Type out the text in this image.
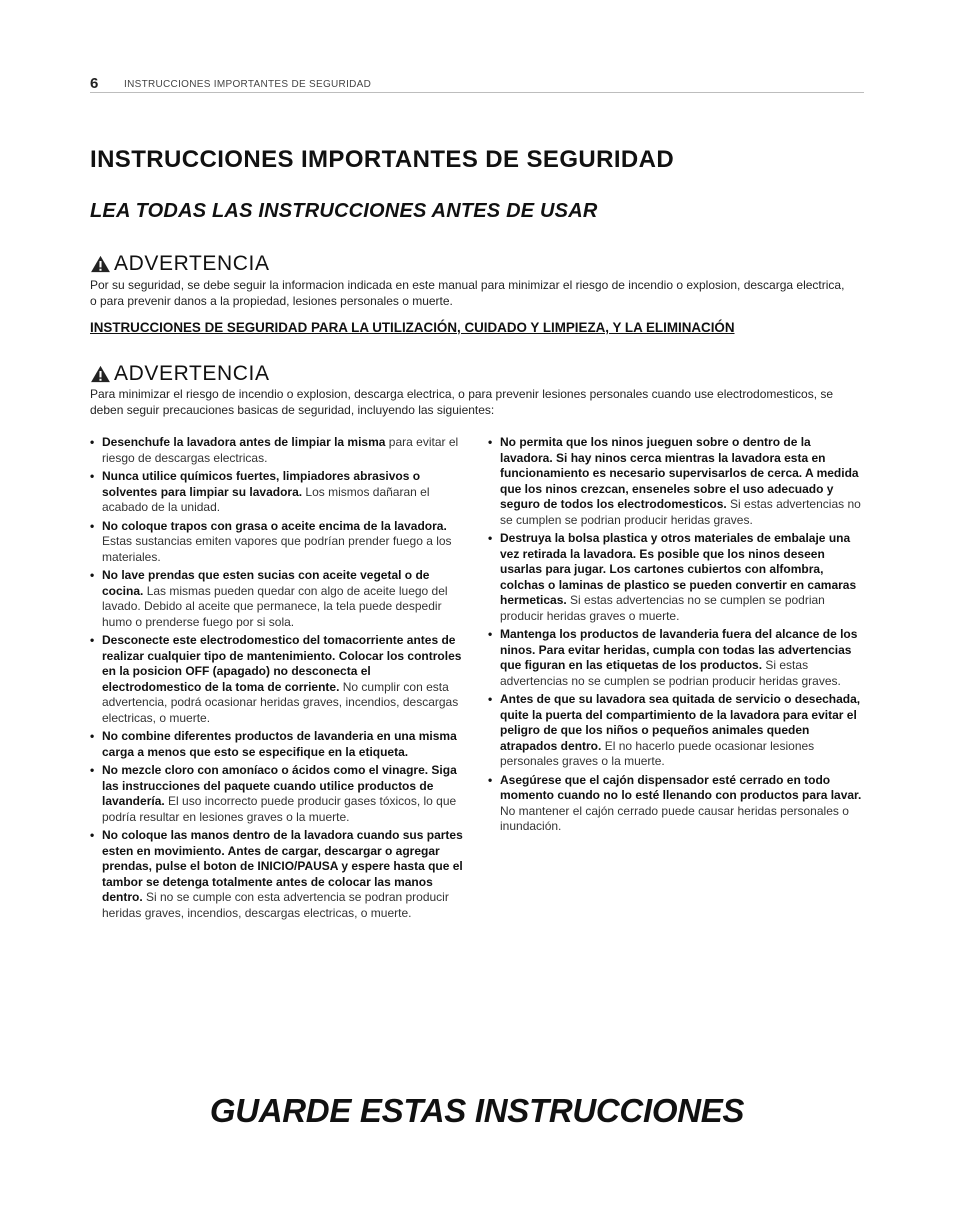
6	INSTRUCCIONES IMPORTANTES DE SEGURIDAD
INSTRUCCIONES IMPORTANTES DE SEGURIDAD
LEA TODAS LAS INSTRUCCIONES ANTES DE USAR
ADVERTENCIA

Por su seguridad, se debe seguir la informacion indicada en este manual para minimizar el riesgo de incendio o explosion, descarga electrica, o para prevenir danos a la propiedad, lesiones personales o muerte.

INSTRUCCIONES DE SEGURIDAD PARA LA UTILIZACIÓN, CUIDADO Y LIMPIEZA, Y LA ELIMINACIÓN

ADVERTENCIA

Para minimizar el riesgo de incendio o explosion, descarga electrica, o para prevenir lesiones personales cuando use electrodomesticos, se deben seguir precauciones basicas de seguridad, incluyendo las siguientes:

• Desenchufe la lavadora antes de limpiar la misma para evitar el riesgo de descargas electricas.
• Nunca utilice químicos fuertes, limpiadores abrasivos o solventes para limpiar su lavadora. Los mismos dañaran el acabado de la unidad.
• No coloque trapos con grasa o aceite encima de la lavadora. Estas sustancias emiten vapores que podrían prender fuego a los materiales.
• No lave prendas que esten sucias con aceite vegetal o de cocina. Las mismas pueden quedar con algo de aceite luego del lavado. Debido al aceite que permanece, la tela puede despedir humo o prenderse fuego por si sola.
• Desconecte este electrodomestico del tomacorriente antes de realizar cualquier tipo de mantenimiento. Colocar los controles en la posicion OFF (apagado) no desconecta el electrodomestico de la toma de corriente. No cumplir con esta advertencia, podrá ocasionar heridas graves, incendios, descargas electricas, o muerte.
• No combine diferentes productos de lavanderia en una misma carga a menos que esto se especifique en la etiqueta.
• No mezcle cloro con amoníaco o ácidos como el vinagre. Siga las instrucciones del paquete cuando utilice productos de lavandería. El uso incorrecto puede producir gases tóxicos, lo que podría resultar en lesiones graves o la muerte.
• No coloque las manos dentro de la lavadora cuando sus partes esten en movimiento. Antes de cargar, descargar o agregar prendas, pulse el boton de INICIO/PAUSA y espere hasta que el tambor se detenga totalmente antes de colocar las manos dentro. Si no se cumple con esta advertencia se podran producir heridas graves, incendios, descargas electricas, o muerte.
• No permita que los ninos jueguen sobre o dentro de la lavadora. Si hay ninos cerca mientras la lavadora esta en funcionamiento es necesario supervisarlos de cerca. A medida que los ninos crezcan, enseneles sobre el uso adecuado y seguro de todos los electrodomesticos. Si estas advertencias no se cumplen se podrian producir heridas graves.
• Destruya la bolsa plastica y otros materiales de embalaje una vez retirada la lavadora. Es posible que los ninos deseen usarlas para jugar. Los cartones cubiertos con alfombra, colchas o laminas de plastico se pueden convertir en camaras hermeticas. Si estas advertencias no se cumplen se podrian producir heridas graves o muerte.
• Mantenga los productos de lavanderia fuera del alcance de los ninos. Para evitar heridas, cumpla con todas las advertencias que figuran en las etiquetas de los productos. Si estas advertencias no se cumplen se podrian producir heridas graves.
• Antes de que su lavadora sea quitada de servicio o desechada, quite la puerta del compartimiento de la lavadora para evitar el peligro de que los niños o pequeños animales queden atrapados dentro. El no hacerlo puede ocasionar lesiones personales graves o la muerte.
• Asegúrese que el cajón dispensador esté cerrado en todo momento cuando no lo esté llenando con productos para lavar. No mantener el cajón cerrado puede causar heridas personales o inundación.
GUARDE ESTAS INSTRUCCIONES
